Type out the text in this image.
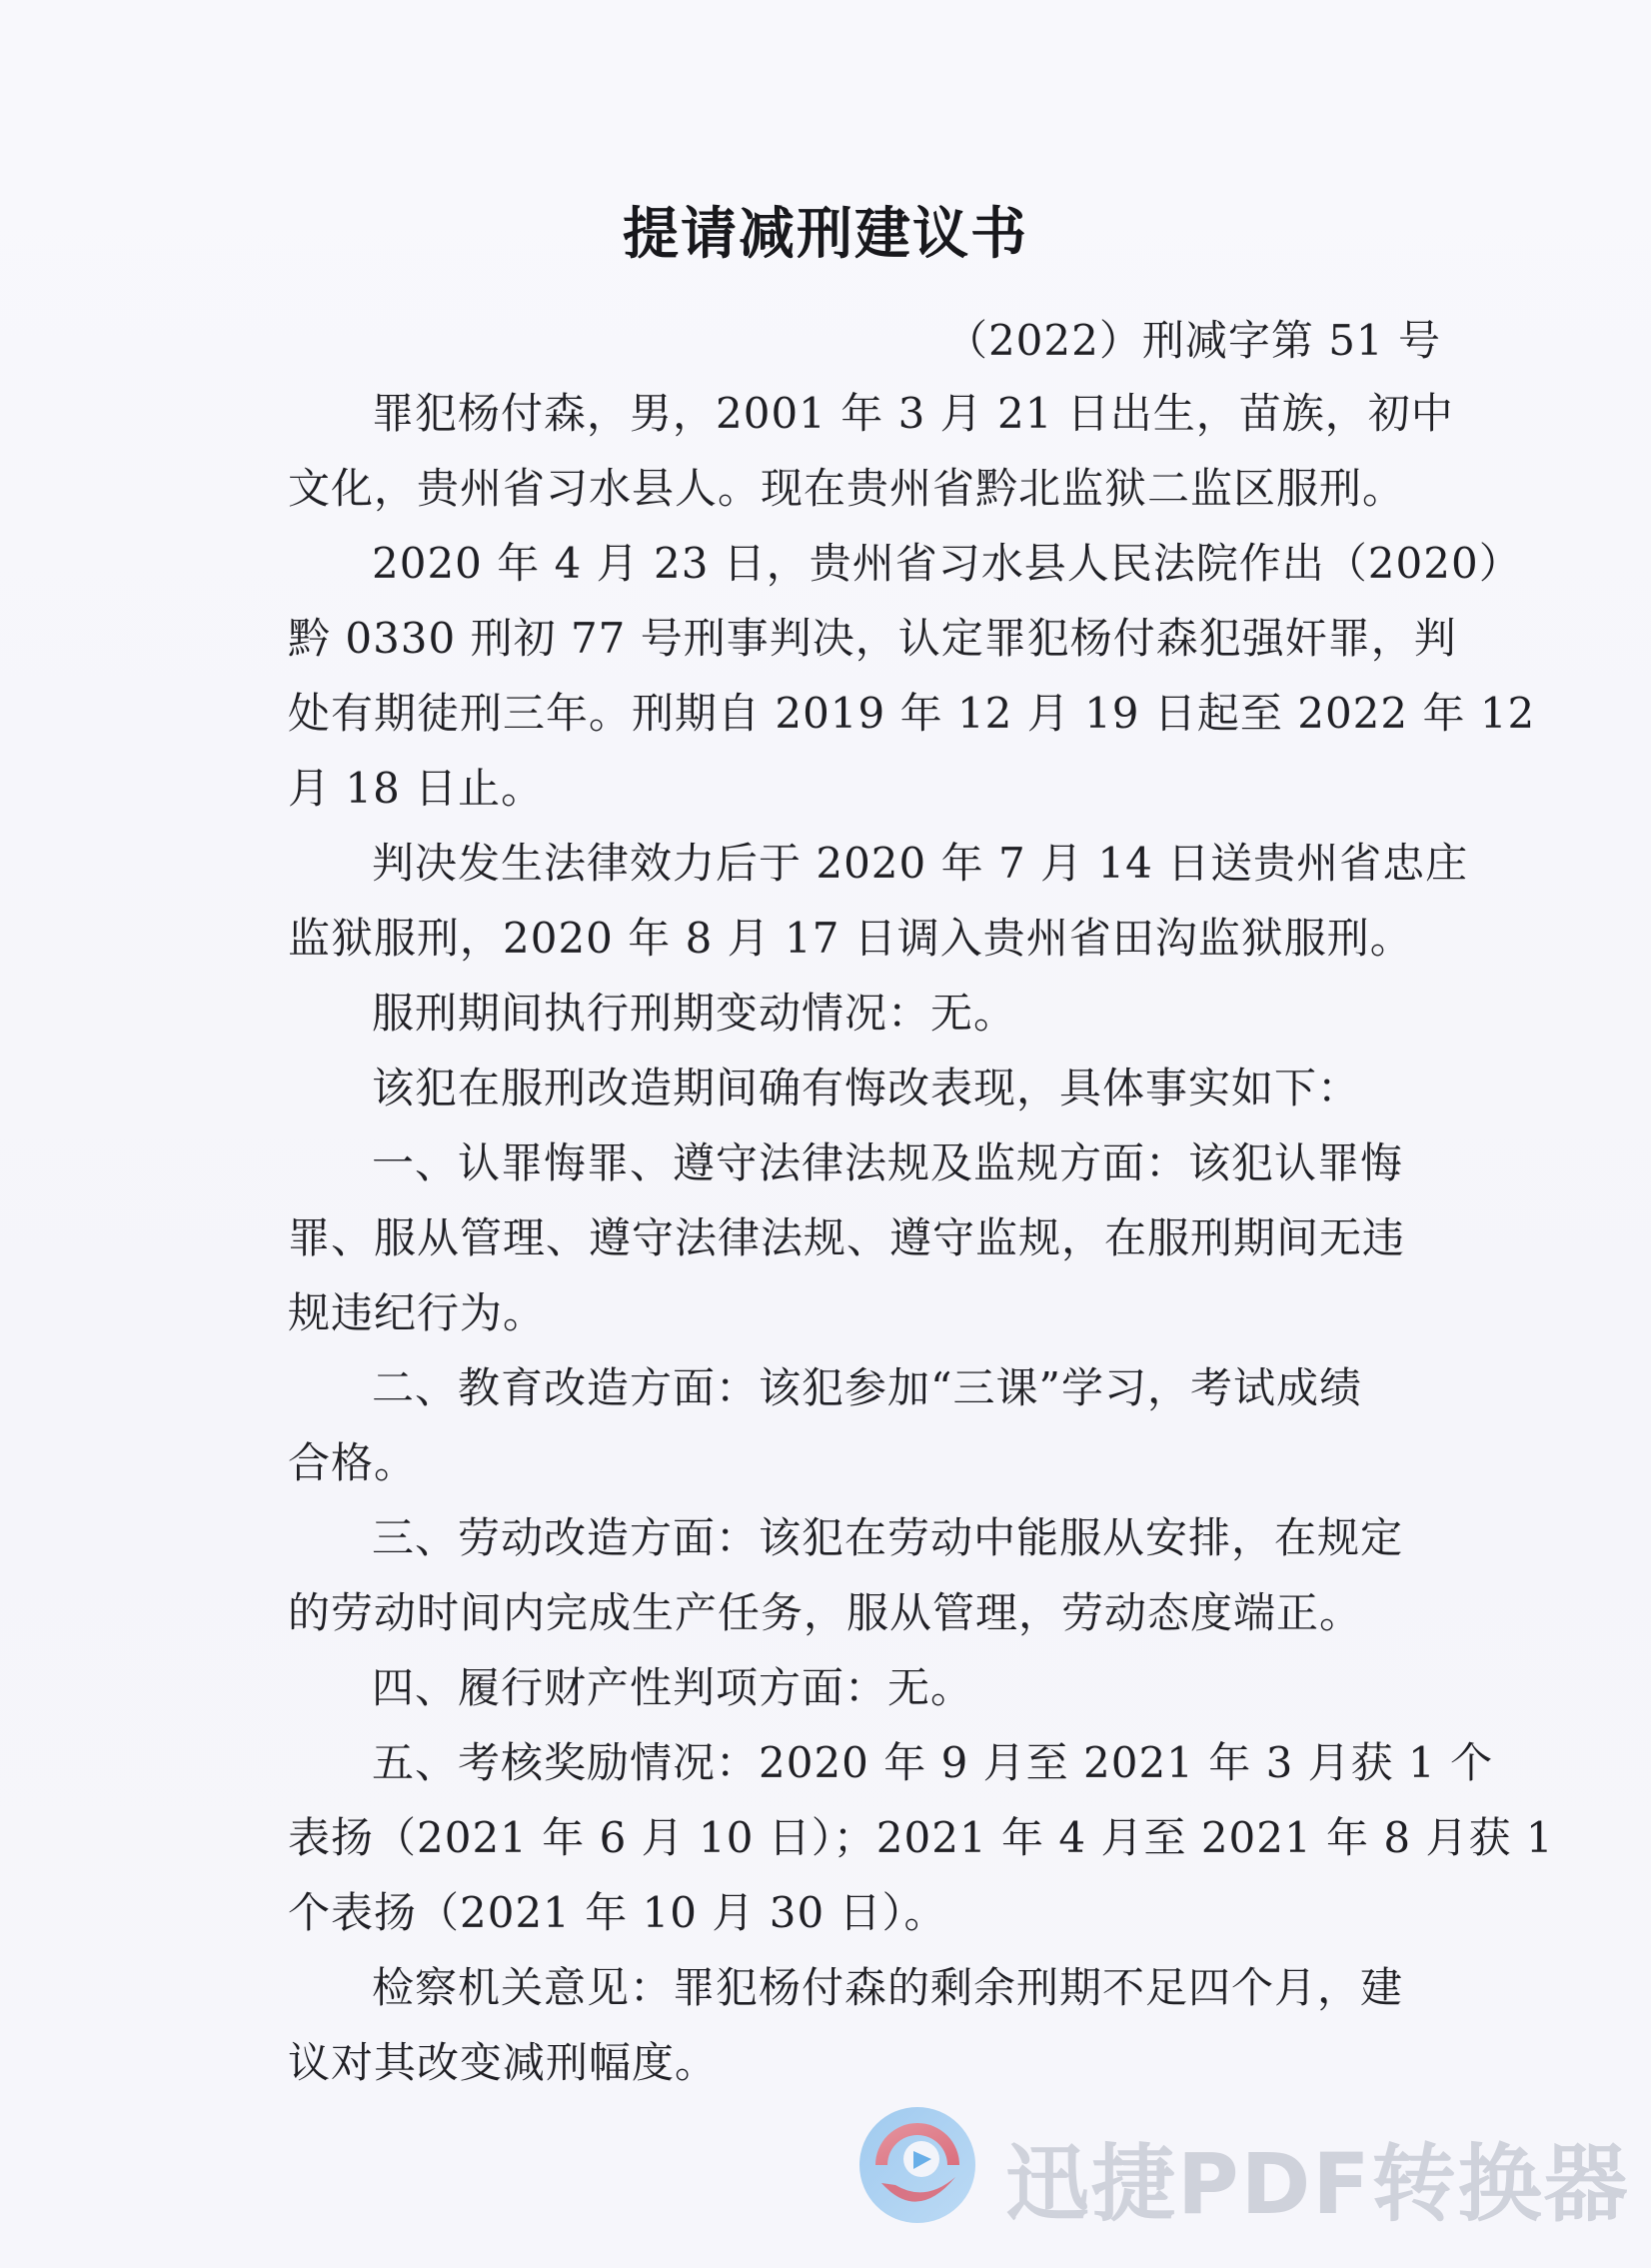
提请减刑建议书
（2022）刑减字第 51 号
罪犯杨付森，男，2001 年 3 月 21 日出生，苗族，初中
文化，贵州省习水县人。现在贵州省黔北监狱二监区服刑。
2020 年 4 月 23 日，贵州省习水县人民法院作出（2020）
黔 0330 刑初 77 号刑事判决，认定罪犯杨付森犯强奸罪，判
处有期徒刑三年。刑期自 2019 年 12 月 19 日起至 2022 年 12
月 18 日止。
判决发生法律效力后于 2020 年 7 月 14 日送贵州省忠庄
监狱服刑，2020 年 8 月 17 日调入贵州省田沟监狱服刑。
服刑期间执行刑期变动情况：无。
该犯在服刑改造期间确有悔改表现，具体事实如下：
一、认罪悔罪、遵守法律法规及监规方面：该犯认罪悔
罪、服从管理、遵守法律法规、遵守监规，在服刑期间无违
规违纪行为。
二、教育改造方面：该犯参加“三课”学习，考试成绩
合格。
三、劳动改造方面：该犯在劳动中能服从安排，在规定
的劳动时间内完成生产任务，服从管理，劳动态度端正。
四、履行财产性判项方面：无。
五、考核奖励情况：2020 年 9 月至 2021 年 3 月获 1 个
表扬（2021 年 6 月 10 日）；2021 年 4 月至 2021 年 8 月获 1
个表扬（2021 年 10 月 30 日）。
检察机关意见：罪犯杨付森的剩余刑期不足四个月，建
议对其改变减刑幅度。
迅捷PDF转换器
